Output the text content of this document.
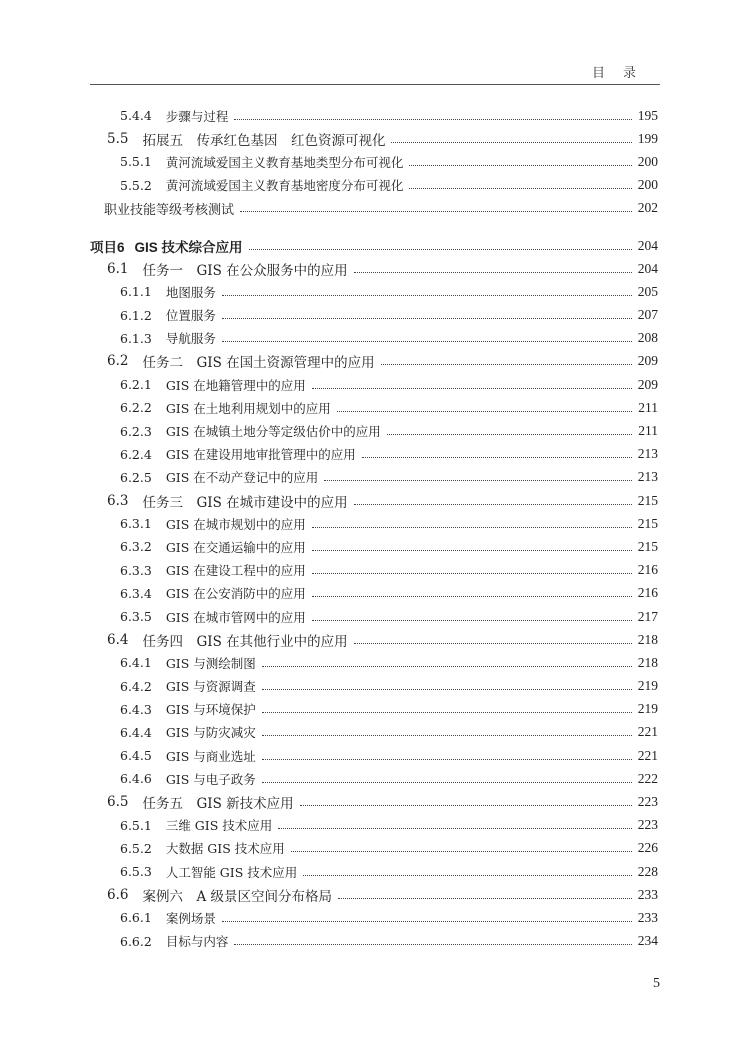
目录
5.4.4 步骤与过程	195
5.5 拓展五　传承红色基因　红色资源可视化	199
5.5.1 黄河流域爱国主义教育基地类型分布可视化	200
5.5.2 黄河流域爱国主义教育基地密度分布可视化	200
职业技能等级考核测试	202
项目6 GIS 技术综合应用	204
6.1 任务一　GIS 在公众服务中的应用	204
6.1.1 地图服务	205
6.1.2 位置服务	207
6.1.3 导航服务	208
6.2 任务二　GIS 在国土资源管理中的应用	209
6.2.1 GIS 在地籍管理中的应用	209
6.2.2 GIS 在土地利用规划中的应用	211
6.2.3 GIS 在城镇土地分等定级估价中的应用	211
6.2.4 GIS 在建设用地审批管理中的应用	213
6.2.5 GIS 在不动产登记中的应用	213
6.3 任务三　GIS 在城市建设中的应用	215
6.3.1 GIS 在城市规划中的应用	215
6.3.2 GIS 在交通运输中的应用	215
6.3.3 GIS 在建设工程中的应用	216
6.3.4 GIS 在公安消防中的应用	216
6.3.5 GIS 在城市管网中的应用	217
6.4 任务四　GIS 在其他行业中的应用	218
6.4.1 GIS 与测绘制图	218
6.4.2 GIS 与资源调查	219
6.4.3 GIS 与环境保护	219
6.4.4 GIS 与防灾减灾	221
6.4.5 GIS 与商业选址	221
6.4.6 GIS 与电子政务	222
6.5 任务五　GIS 新技术应用	223
6.5.1 三维 GIS 技术应用	223
6.5.2 大数据 GIS 技术应用	226
6.5.3 人工智能 GIS 技术应用	228
6.6 案例六　A 级景区空间分布格局	233
6.6.1 案例场景	233
6.6.2 目标与内容	234
5
